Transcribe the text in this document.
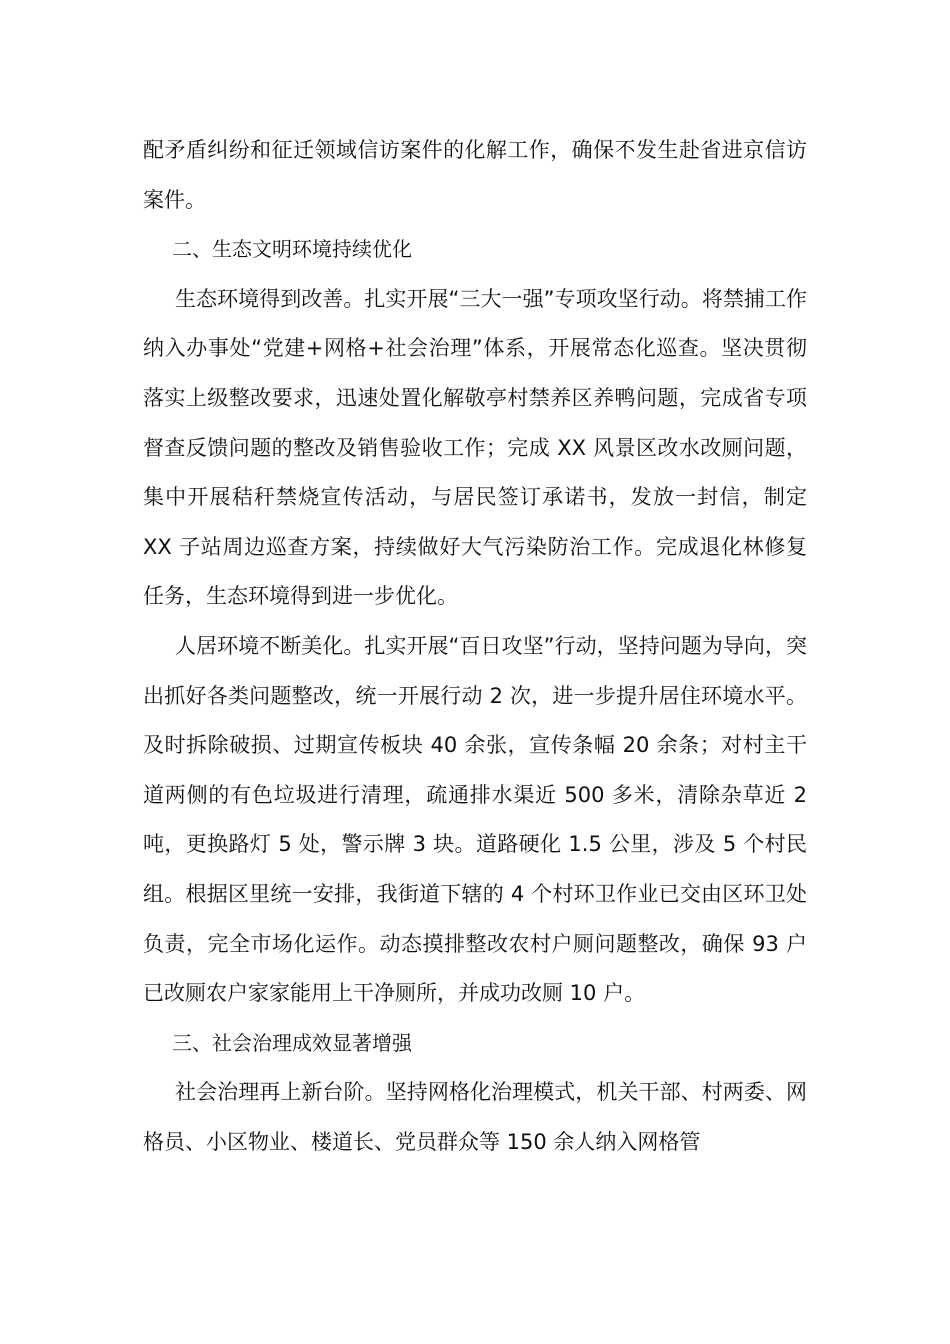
配矛盾纠纷和征迁领域信访案件的化解工作，确保不发生赴省进京信访案件。

二、生态文明环境持续优化

生态环境得到改善。扎实开展“三大一强”专项攻坚行动。将禁捕工作纳入办事处“党建+网格+社会治理”体系，开展常态化巡查。坚决贯彻落实上级整改要求，迅速处置化解敬亭村禁养区养鸭问题，完成省专项督查反馈问题的整改及销售验收工作；完成 XX 风景区改水改厕问题，集中开展秸秆禁烧宣传活动，与居民签订承诺书，发放一封信，制定 XX 子站周边巡查方案，持续做好大气污染防治工作。完成退化林修复任务，生态环境得到进一步优化。

人居环境不断美化。扎实开展“百日攻坚”行动，坚持问题为导向，突出抓好各类问题整改，统一开展行动 2 次，进一步提升居住环境水平。及时拆除破损、过期宣传板块 40 余张，宣传条幅 20 余条；对村主干道两侧的有色垃圾进行清理，疏通排水渠近 500 多米，清除杂草近 2 吨，更换路灯 5 处，警示牌 3 块。道路硬化 1.5 公里，涉及 5 个村民组。根据区里统一安排，我街道下辖的 4 个村环卫作业已交由区环卫处负责，完全市场化运作。动态摸排整改农村户厕问题整改，确保 93 户已改厕农户家家能用上干净厕所，并成功改厕 10 户。

三、社会治理成效显著增强

社会治理再上新台阶。坚持网格化治理模式，机关干部、村两委、网格员、小区物业、楼道长、党员群众等 150 余人纳入网格管
